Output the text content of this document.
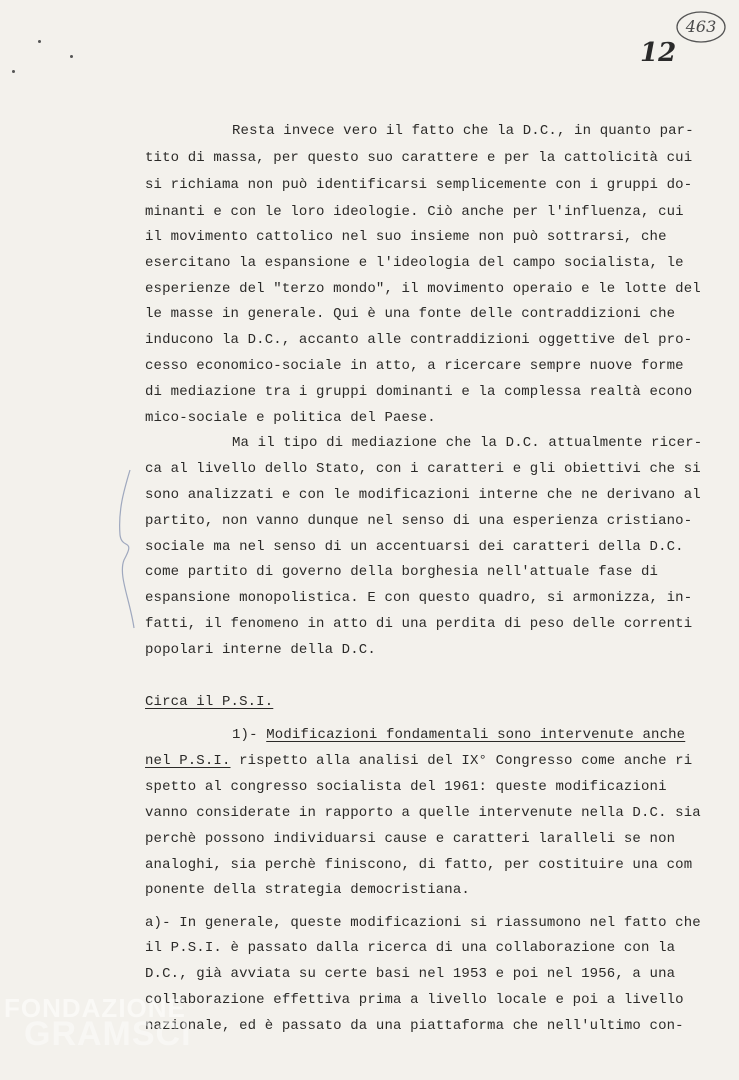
463
12
Resta invece vero il fatto che la D.C., in quanto par-
tito di massa, per questo suo carattere e per la cattolicità cui
si richiama non può identificarsi semplicemente con i gruppi do-
minanti e con le loro ideologie. Ciò anche per l'influenza, cui
il movimento cattolico nel suo insieme non può sottrarsi, che
esercitano la espansione e l'ideologia del campo socialista, le
esperienze del "terzo mondo", il movimento operaio e le lotte del
le masse in generale. Qui è una fonte delle contraddizioni che
inducono la D.C., accanto alle contraddizioni oggettive del pro-
cesso economico-sociale in atto, a ricercare sempre nuove forme
di mediazione tra i gruppi dominanti e la complessa realtà econo
mico-sociale e politica del Paese.
Ma il tipo di mediazione che la D.C. attualmente ricer-
ca al livello dello Stato, con i caratteri e gli obiettivi che si
sono analizzati e con le modificazioni interne che ne derivano al
partito, non vanno dunque nel senso di una esperienza cristiano-
sociale ma nel senso di un accentuarsi dei caratteri della D.C.
come partito di governo della borghesia nell'attuale fase di
espansione monopolistica. E con questo quadro, si armonizza, in-
fatti, il fenomeno in atto di una perdita di peso delle correnti
popolari interne della D.C.
Circa il P.S.I.
1)- Modificazioni fondamentali sono intervenute anche
nel P.S.I. rispetto alla analisi del IX° Congresso come anche ri
spetto al congresso socialista del 1961: queste modificazioni
vanno considerate in rapporto a quelle intervenute nella D.C. sia
perchè possono individuarsi cause e caratteri laralleli se non
analoghi, sia perchè finiscono, di fatto, per costituire una com
ponente della strategia democristiana.
a)- In generale, queste modificazioni si riassumono nel fatto che
il P.S.I. è passato dalla ricerca di una collaborazione con la
D.C., già avviata su certe basi nel 1953 e poi nel 1956, a una
collaborazione effettiva prima a livello locale e poi a livello
nazionale, ed è passato da una piattaforma che nell'ultimo con-
FONDAZIONE
GRAMSCI
